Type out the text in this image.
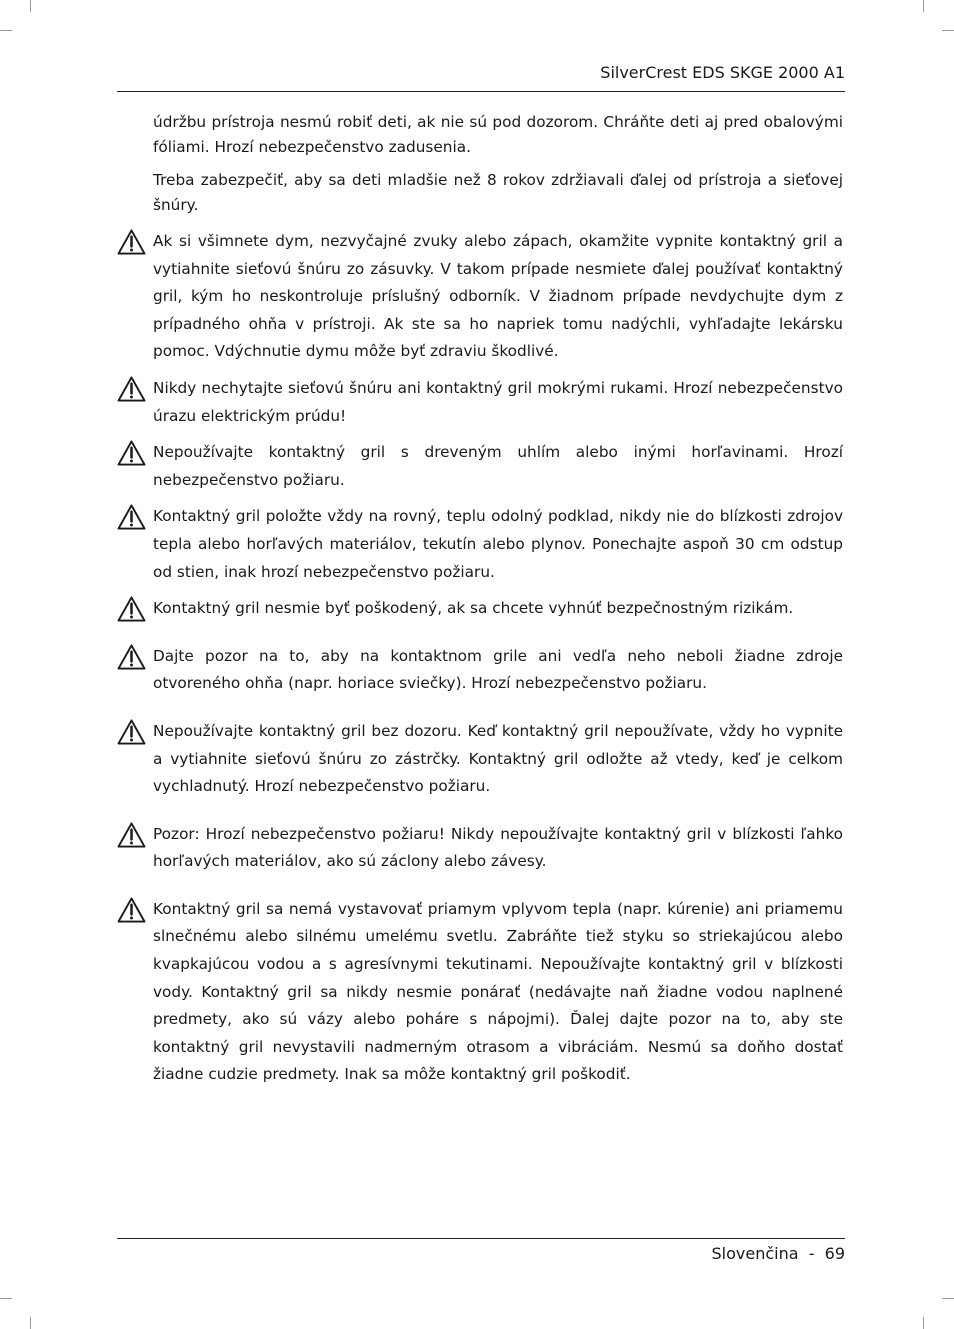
SilverCrest EDS SKGE 2000 A1

údržbu prístroja nesmú robiť deti, ak nie sú pod dozorom. Chráňte deti aj pred obalovými fóliami. Hrozí nebezpečenstvo zadusenia.

Treba zabezpečiť, aby sa deti mladšie než 8 rokov zdržiavali ďalej od prístroja a sieťovej šnúry.

Ak si všimnete dym, nezvyčajné zvuky alebo zápach, okamžite vypnite kontaktný gril a vytiahnite sieťovú šnúru zo zásuvky. V takom prípade nesmiete ďalej používať kontaktný gril, kým ho neskontroluje príslušný odborník. V žiadnom prípade nevdychujte dym z prípadného ohňa v prístroji. Ak ste sa ho napriek tomu nadýchli, vyhľadajte lekársku pomoc. Vdýchnutie dymu môže byť zdraviu škodlivé.

Nikdy nechytajte sieťovú šnúru ani kontaktný gril mokrými rukami. Hrozí nebezpečenstvo úrazu elektrickým prúdu!

Nepoužívajte kontaktný gril s dreveným uhlím alebo inými horľavinami. Hrozí nebezpečenstvo požiaru.

Kontaktný gril položte vždy na rovný, teplu odolný podklad, nikdy nie do blízkosti zdrojov tepla alebo horľavých materiálov, tekutín alebo plynov. Ponechajte aspoň 30 cm odstup od stien, inak hrozí nebezpečenstvo požiaru.

Kontaktný gril nesmie byť poškodený, ak sa chcete vyhnúť bezpečnostným rizikám.

Dajte pozor na to, aby na kontaktnom grile ani vedľa neho neboli žiadne zdroje otvoreného ohňa (napr. horiace sviečky). Hrozí nebezpečenstvo požiaru.

Nepoužívajte kontaktný gril bez dozoru. Keď kontaktný gril nepoužívate, vždy ho vypnite a vytiahnite sieťovú šnúru zo zástrčky. Kontaktný gril odložte až vtedy, keď je celkom vychladnutý. Hrozí nebezpečenstvo požiaru.

Pozor: Hrozí nebezpečenstvo požiaru! Nikdy nepoužívajte kontaktný gril v blízkosti ľahko horľavých materiálov, ako sú záclony alebo závesy.

Kontaktný gril sa nemá vystavovať priamym vplyvom tepla (napr. kúrenie) ani priamemu slnečnému alebo silnému umelému svetlu. Zabráňte tiež styku so striekajúcou alebo kvapkajúcou vodou a s agresívnymi tekutinami. Nepoužívajte kontaktný gril v blízkosti vody. Kontaktný gril sa nikdy nesmie ponárať (nedávajte naň žiadne vodou naplnené predmety, ako sú vázy alebo poháre s nápojmi). Ďalej dajte pozor na to, aby ste kontaktný gril nevystavili nadmerným otrasom a vibráciám. Nesmú sa doňho dostať žiadne cudzie predmety. Inak sa môže kontaktný gril poškodiť.

Slovenčina  -  69
